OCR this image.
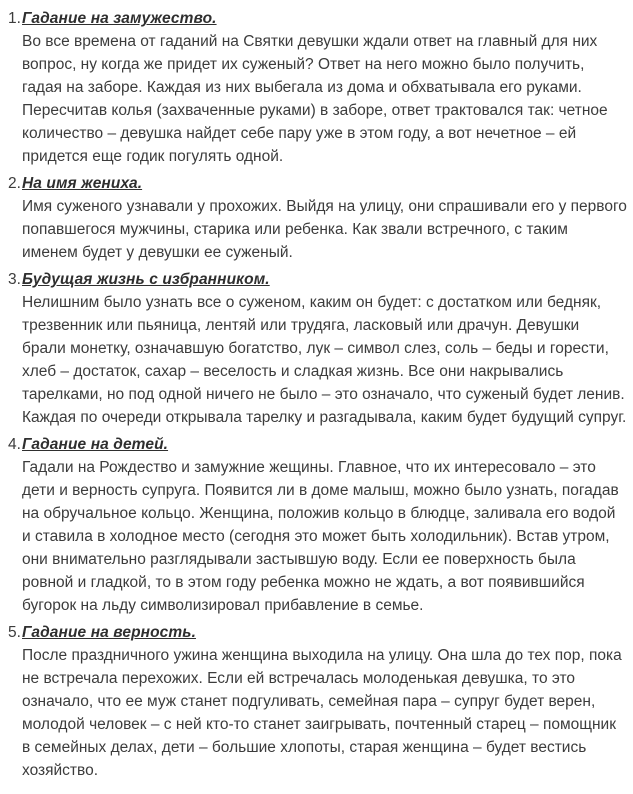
1. Гадание на замужество.
Во все времена от гаданий на Святки девушки ждали ответ на главный для них вопрос, ну когда же придет их суженый? Ответ на него можно было получить, гадая на заборе. Каждая из них выбегала из дома и обхватывала его руками. Пересчитав колья (захваченные руками) в заборе, ответ трактовался так: четное количество – девушка найдет себе пару уже в этом году, а вот нечетное – ей придется еще годик погулять одной.
2. На имя жениха.
Имя суженого узнавали у прохожих. Выйдя на улицу, они спрашивали его у первого попавшегося мужчины, старика или ребенка. Как звали встречного, с таким именем будет у девушки ее суженый.
3. Будущая жизнь с избранником.
Нелишним было узнать все о суженом, каким он будет: с достатком или бедняк, трезвенник или пьяница, лентяй или трудяга, ласковый или драчун. Девушки брали монетку, означавшую богатство, лук – символ слез, соль – беды и горести, хлеб – достаток, сахар – веселость и сладкая жизнь. Все они накрывались тарелками, но под одной ничего не было – это означало, что суженый будет ленив. Каждая по очереди открывала тарелку и разгадывала, каким будет будущий супруг.
4. Гадание на детей.
Гадали на Рождество и замужние жещины. Главное, что их интересовало – это дети и верность супруга. Появится ли в доме малыш, можно было узнать, погадав на обручальное кольцо. Женщина, положив кольцо в блюдце, заливала его водой и ставила в холодное место (сегодня это может быть холодильник). Встав утром, они внимательно разглядывали застывшую воду. Если ее поверхность была ровной и гладкой, то в этом году ребенка можно не ждать, а вот появившийся бугорок на льду символизировал прибавление в семье.
5. Гадание на верность.
После праздничного ужина женщина выходила на улицу. Она шла до тех пор, пока не встречала перехожих. Если ей встречалась молоденькая девушка, то это означало, что ее муж станет подгуливать, семейная пара – супруг будет верен, молодой человек – с ней кто-то станет заигрывать, почтенный старец – помощник в семейных делах, дети – большие хлопоты, старая женщина – будет вестись хозяйство.
